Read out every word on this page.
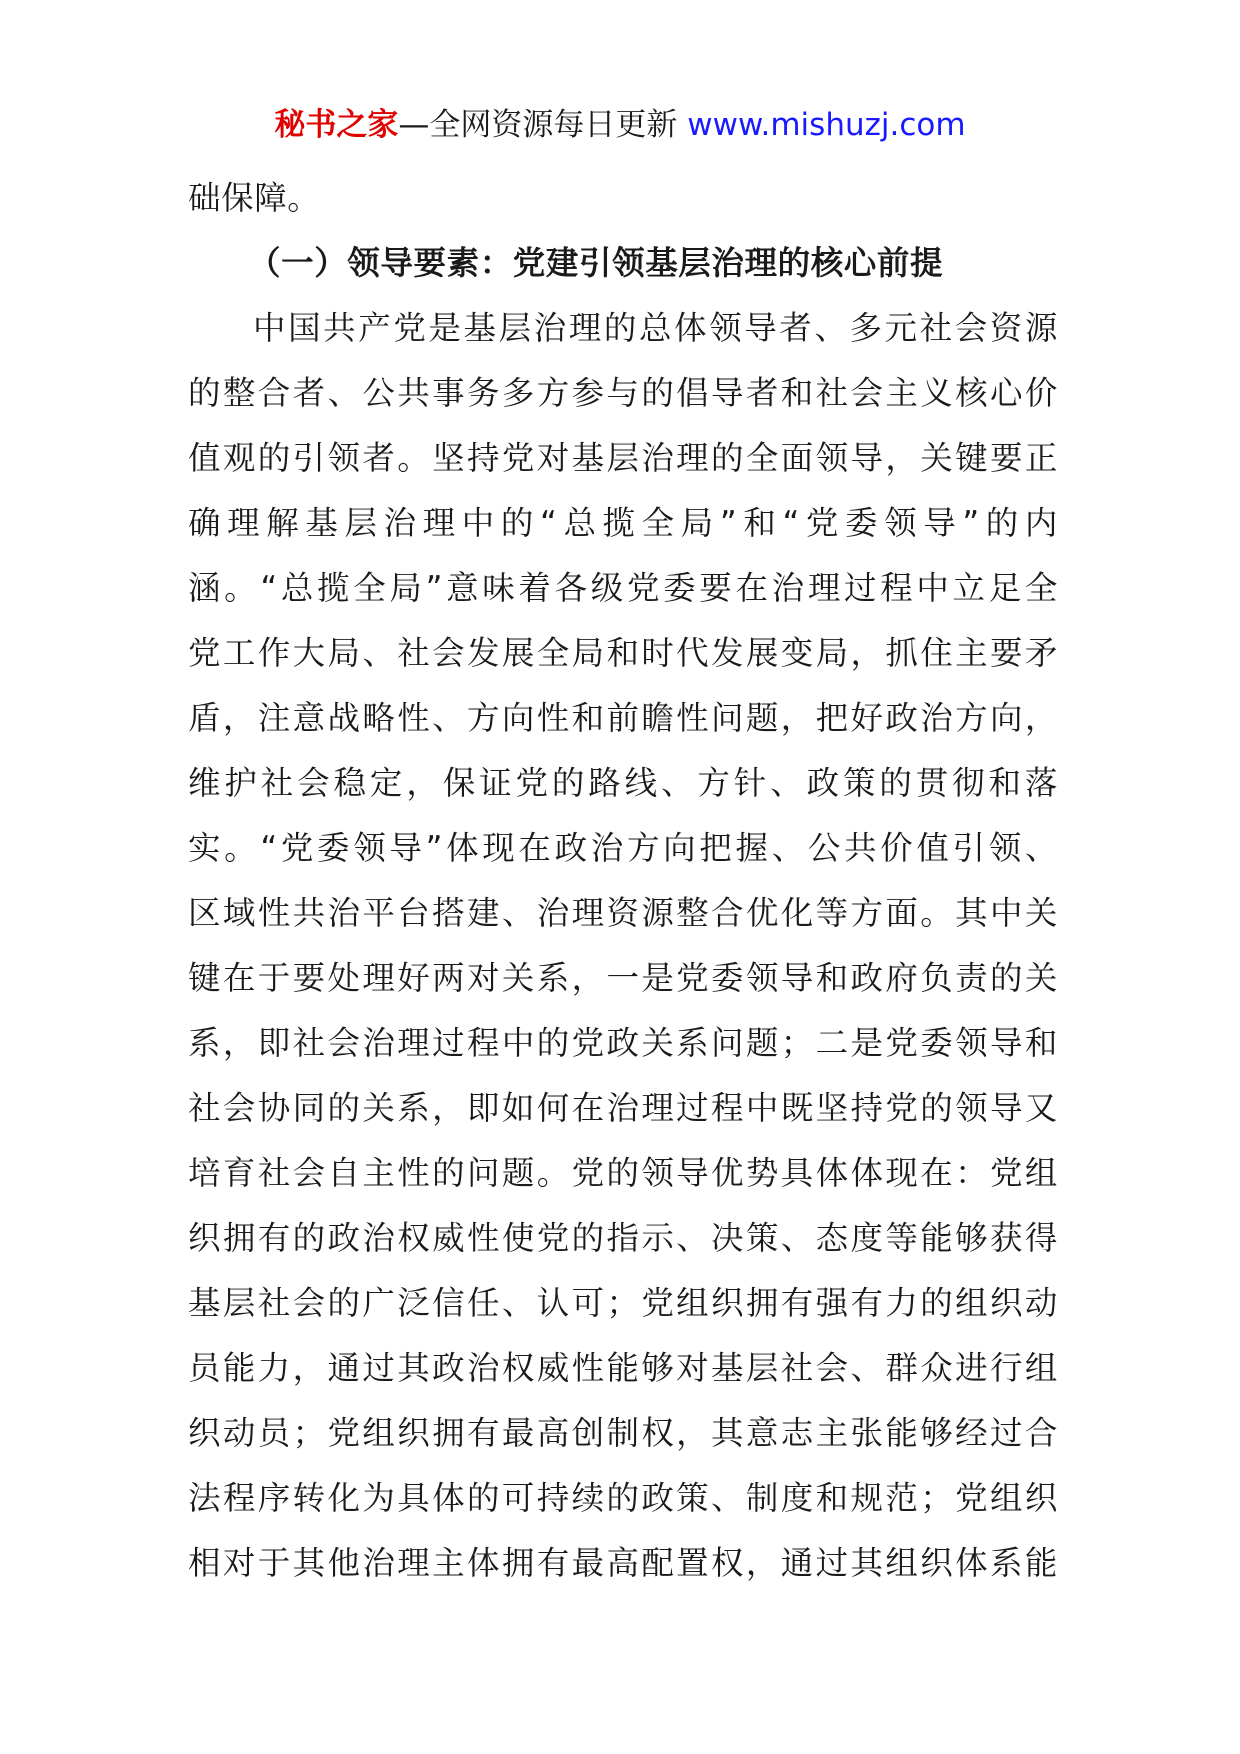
秘书之家—全网资源每日更新 www.mishuzj.com
础保障。
（一）领导要素：党建引领基层治理的核心前提
中国共产党是基层治理的总体领导者、多元社会资源
的整合者、公共事务多方参与的倡导者和社会主义核心价
值观的引领者。坚持党对基层治理的全面领导，关键要正
确理解基层治理中的“总揽全局”和“党委领导”的内
涵。“总揽全局”意味着各级党委要在治理过程中立足全
党工作大局、社会发展全局和时代发展变局，抓住主要矛
盾，注意战略性、方向性和前瞻性问题，把好政治方向，
维护社会稳定，保证党的路线、方针、政策的贯彻和落
实。“党委领导”体现在政治方向把握、公共价值引领、
区域性共治平台搭建、治理资源整合优化等方面。其中关
键在于要处理好两对关系，一是党委领导和政府负责的关
系，即社会治理过程中的党政关系问题；二是党委领导和
社会协同的关系，即如何在治理过程中既坚持党的领导又
培育社会自主性的问题。党的领导优势具体体现在：党组
织拥有的政治权威性使党的指示、决策、态度等能够获得
基层社会的广泛信任、认可；党组织拥有强有力的组织动
员能力，通过其政治权威性能够对基层社会、群众进行组
织动员；党组织拥有最高创制权，其意志主张能够经过合
法程序转化为具体的可持续的政策、制度和规范；党组织
相对于其他治理主体拥有最高配置权，通过其组织体系能
